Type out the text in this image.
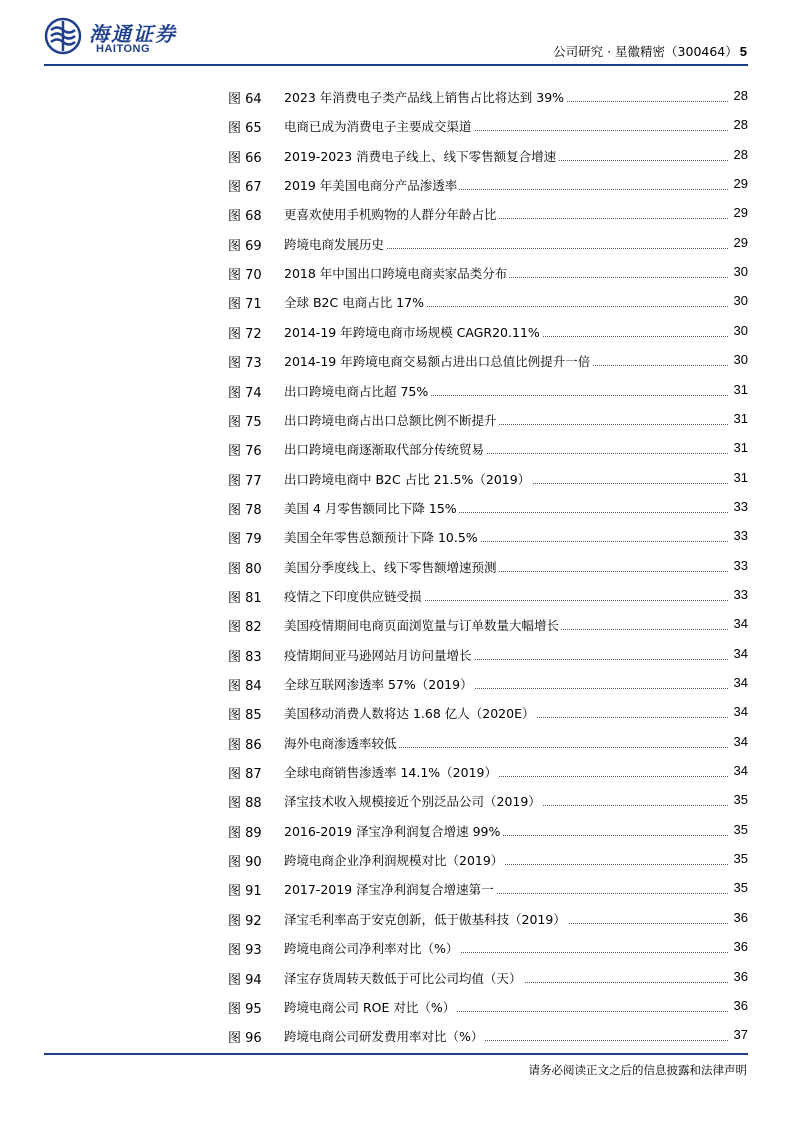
海通证券
HAITONG	公司研究 · 星徽精密（300464） 5
图 64 2023 年消费电子类产品线上销售占比将达到 39%	28
图 65 电商已成为消费电子主要成交渠道	28
图 66 2019-2023 消费电子线上、线下零售额复合增速	28
图 67 2019 年美国电商分产品渗透率	29
图 68 更喜欢使用手机购物的人群分年龄占比	29
图 69 跨境电商发展历史	29
图 70 2018 年中国出口跨境电商卖家品类分布	30
图 71 全球 B2C 电商占比 17%	30
图 72 2014-19 年跨境电商市场规模 CAGR20.11%	30
图 73 2014-19 年跨境电商交易额占进出口总值比例提升一倍	30
图 74 出口跨境电商占比超 75%	31
图 75 出口跨境电商占出口总额比例不断提升	31
图 76 出口跨境电商逐渐取代部分传统贸易	31
图 77 出口跨境电商中 B2C 占比 21.5%（2019）	31
图 78 美国 4 月零售额同比下降 15%	33
图 79 美国全年零售总额预计下降 10.5%	33
图 80 美国分季度线上、线下零售额增速预测	33
图 81 疫情之下印度供应链受损	33
图 82 美国疫情期间电商页面浏览量与订单数量大幅增长	34
图 83 疫情期间亚马逊网站月访问量增长	34
图 84 全球互联网渗透率 57%（2019）	34
图 85 美国移动消费人数将达 1.68 亿人（2020E）	34
图 86 海外电商渗透率较低	34
图 87 全球电商销售渗透率 14.1%（2019）	34
图 88 泽宝技术收入规模接近个别泛品公司（2019）	35
图 89 2016-2019 泽宝净利润复合增速 99%	35
图 90 跨境电商企业净利润规模对比（2019）	35
图 91 2017-2019 泽宝净利润复合增速第一	35
图 92 泽宝毛利率高于安克创新，低于傲基科技（2019）	36
图 93 跨境电商公司净利率对比（%）	36
图 94 泽宝存货周转天数低于可比公司均值（天）	36
图 95 跨境电商公司 ROE 对比（%）	36
图 96 跨境电商公司研发费用率对比（%）	37
请务必阅读正文之后的信息披露和法律声明
